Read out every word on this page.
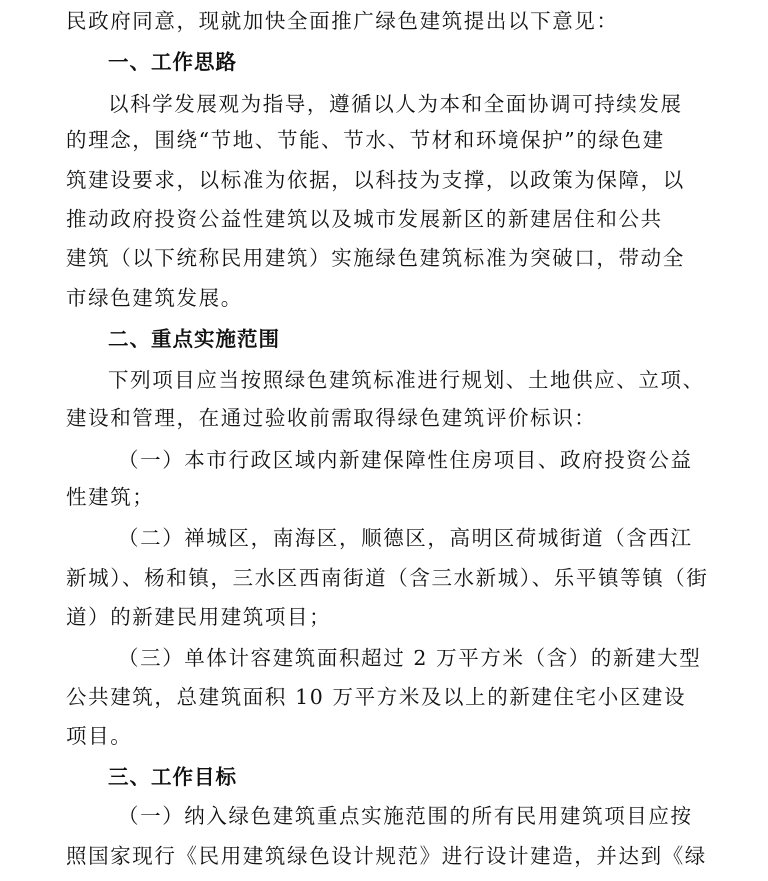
民政府同意，现就加快全面推广绿色建筑提出以下意见：
一、工作思路
以科学发展观为指导，遵循以人为本和全面协调可持续发展
的理念，围绕“节地、节能、节水、节材和环境保护”的绿色建
筑建设要求，以标准为依据，以科技为支撑，以政策为保障，以
推动政府投资公益性建筑以及城市发展新区的新建居住和公共
建筑（以下统称民用建筑）实施绿色建筑标准为突破口，带动全
市绿色建筑发展。
二、重点实施范围
下列项目应当按照绿色建筑标准进行规划、土地供应、立项、
建设和管理，在通过验收前需取得绿色建筑评价标识：
（一）本市行政区域内新建保障性住房项目、政府投资公益
性建筑；
（二）禅城区，南海区，顺德区，高明区荷城街道（含西江
新城）、杨和镇，三水区西南街道（含三水新城）、乐平镇等镇（街
道）的新建民用建筑项目；
（三）单体计容建筑面积超过 2 万平方米（含）的新建大型
公共建筑，总建筑面积 10 万平方米及以上的新建住宅小区建设
项目。
三、工作目标
（一）纳入绿色建筑重点实施范围的所有民用建筑项目应按
照国家现行《民用建筑绿色设计规范》进行设计建造，并达到《绿
